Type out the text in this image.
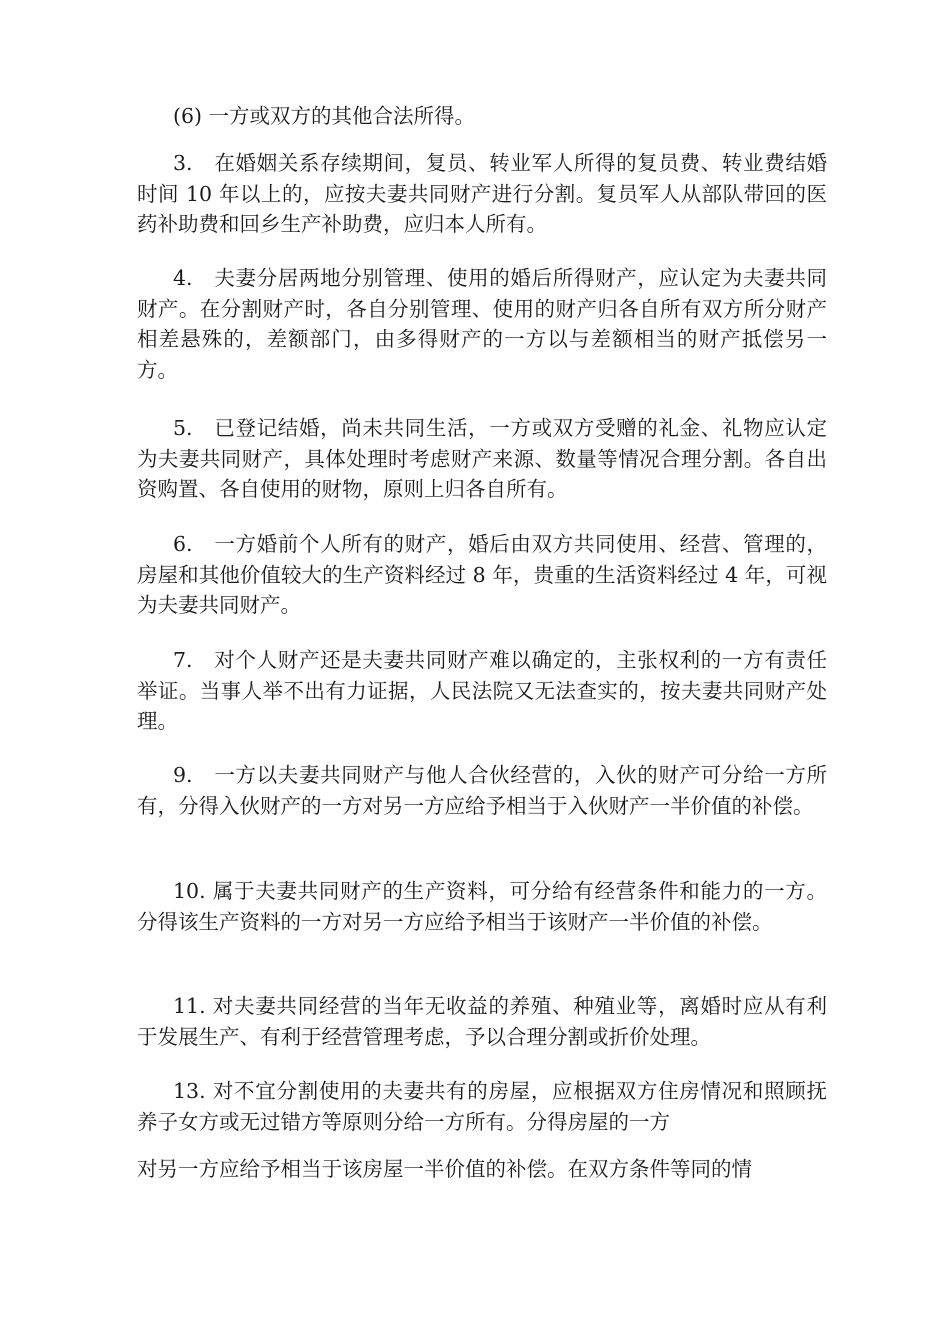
(6) 一方或双方的其他合法所得。

3.　在婚姻关系存续期间，复员、转业军人所得的复员费、转业费结婚时间 10 年以上的，应按夫妻共同财产进行分割。复员军人从部队带回的医药补助费和回乡生产补助费，应归本人所有。

4.　夫妻分居两地分别管理、使用的婚后所得财产，应认定为夫妻共同财产。在分割财产时，各自分别管理、使用的财产归各自所有双方所分财产相差悬殊的，差额部门，由多得财产的一方以与差额相当的财产抵偿另一方。

5.　已登记结婚，尚未共同生活，一方或双方受赠的礼金、礼物应认定为夫妻共同财产，具体处理时考虑财产来源、数量等情况合理分割。各自出资购置、各自使用的财物，原则上归各自所有。

6.　一方婚前个人所有的财产，婚后由双方共同使用、经营、管理的，房屋和其他价值较大的生产资料经过 8 年，贵重的生活资料经过 4 年，可视为夫妻共同财产。

7.　对个人财产还是夫妻共同财产难以确定的，主张权利的一方有责任举证。当事人举不出有力证据，人民法院又无法查实的，按夫妻共同财产处理。

9.　一方以夫妻共同财产与他人合伙经营的，入伙的财产可分给一方所有，分得入伙财产的一方对另一方应给予相当于入伙财产一半价值的补偿。

10. 属于夫妻共同财产的生产资料，可分给有经营条件和能力的一方。分得该生产资料的一方对另一方应给予相当于该财产一半价值的补偿。

11. 对夫妻共同经营的当年无收益的养殖、种殖业等，离婚时应从有利于发展生产、有利于经营管理考虑，予以合理分割或折价处理。

13. 对不宜分割使用的夫妻共有的房屋，应根据双方住房情况和照顾抚养子女方或无过错方等原则分给一方所有。分得房屋的一方

对另一方应给予相当于该房屋一半价值的补偿。在双方条件等同的情
